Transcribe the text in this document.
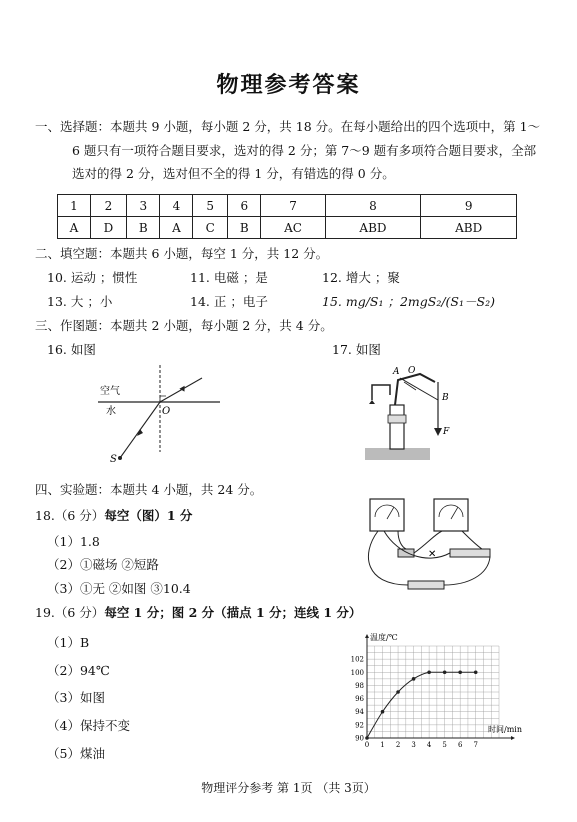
物理参考答案
一、选择题：本题共 9 小题，每小题 2 分，共 18 分。在每小题给出的四个选项中，第 1～
6 题只有一项符合题目要求，选对的得 2 分；第 7～9 题有多项符合题目要求，全部
选对的得 2 分，选对但不全的得 1 分，有错选的得 0 分。
1	2	3	4	5	6	7	8	9
A	D	B	A	C	B	AC	ABD	ABD
二、填空题：本题共 6 小题，每空 1 分，共 12 分。
10. 运动 ；惯性	11. 电磁 ；是	12. 增大 ；聚
13. 大 ；小	14. 正 ；电子	15. mg/S₁ ；2mgS₂/(S₁－S₂)
三、作图题：本题共 2 小题，每小题 2 分，共 4 分。
16. 如图	17. 如图
空气
水	O
S
A O
B
F
四、实验题：本题共 4 小题，共 24 分。
18.（6 分）每空（图）1 分
（1）1.8
（2）①磁场 ②短路
（3）①无 ②如图 ③10.4
✕
19.（6 分）每空 1 分；图 2 分（描点 1 分；连线 1 分）
（1）B
（2）94℃
（3）如图
（4）保持不变
（5）煤油
0 1 2 3 4 5 6 7
90
92
94
96
98
100
102
温度/℃
时间/min
物理评分参考 第 1页 （共 3页）
